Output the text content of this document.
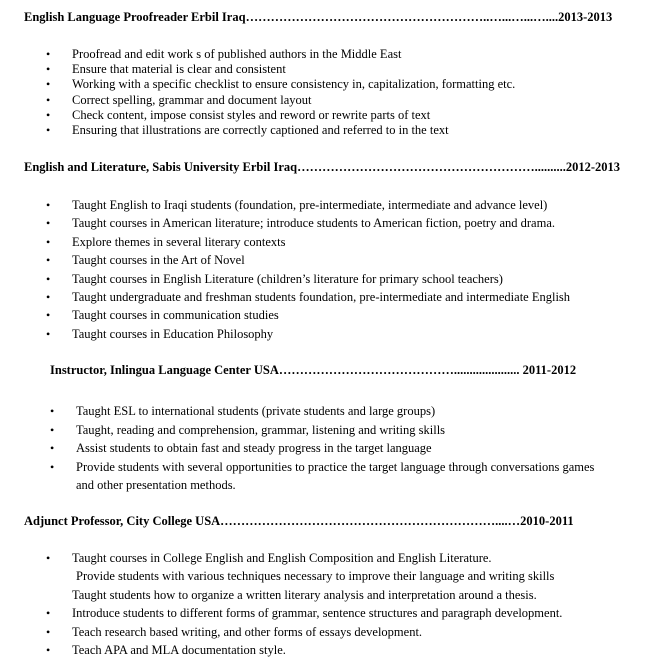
English Language Proofreader Erbil Iraq…………………………………………………..…...…...…....2013-2013
• Proofread and edit work s of published authors in the Middle East
• Ensure that material is clear and consistent
• Working with a specific checklist to ensure consistency in, capitalization, formatting etc.
• Correct spelling, grammar and document layout
• Check content, impose consist styles and reword or rewrite parts of text
• Ensuring that illustrations are correctly captioned and referred to in the text
English and Literature, Sabis University Erbil Iraq…………………………………………………..........2012-2013
• Taught English to Iraqi students (foundation, pre-intermediate, intermediate and advance level)
• Taught courses in American literature; introduce students to American fiction, poetry and drama.
• Explore themes in several literary contexts
• Taught courses in the Art of Novel
• Taught courses in English Literature (children’s literature for primary school teachers)
• Taught undergraduate and freshman students foundation, pre-intermediate and intermediate English
• Taught courses in communication studies
• Taught courses in Education Philosophy
Instructor, Inlingua Language Center USA……………………………………..................... 2011-2012
• Taught ESL to international students (private students and large groups)
• Taught, reading and comprehension, grammar, listening and writing skills
• Assist students to obtain fast and steady progress in the target language
• Provide students with several opportunities to practice the target language through conversations games
and other presentation methods.
Adjunct Professor, City College USA…………………………………………………………....…2010-2011
• Taught courses in College English and English Composition and English Literature.
Provide students with various techniques necessary to improve their language and writing skills
Taught students how to organize a written literary analysis and interpretation around a thesis.
• Introduce students to different forms of grammar, sentence structures and paragraph development.
• Teach research based writing, and other forms of essays development.
• Teach APA and MLA documentation style.
